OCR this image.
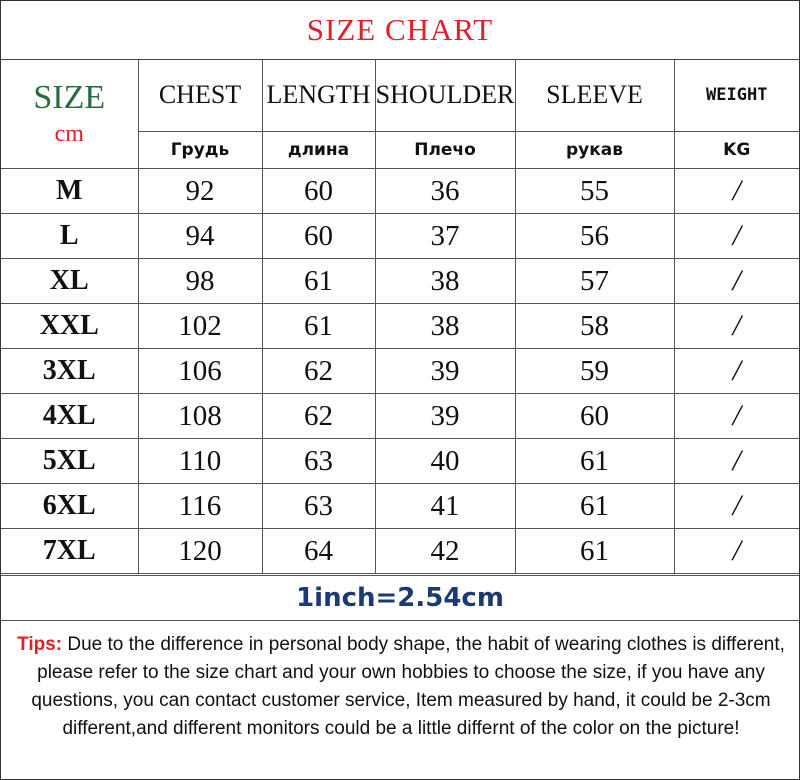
SIZE CHART
SIZE
cm	CHEST	LENGTH	SHOULDER	SLEEVE	WEIGHT
	Грудь	длина	Плечо	рукав	KG
M	92	60	36	55	/
L	94	60	37	56	/
XL	98	61	38	57	/
XXL	102	61	38	58	/
3XL	106	62	39	59	/
4XL	108	62	39	60	/
5XL	110	63	40	61	/
6XL	116	63	41	61	/
7XL	120	64	42	61	/
1inch=2.54cm
Tips: Due to the difference in personal body shape, the habit of wearing clothes is different, please refer to the size chart and your own hobbies to choose the size, if you have any questions, you can contact customer service, Item measured by hand, it could be 2-3cm different,and different monitors could be a little differnt of the color on the picture!
